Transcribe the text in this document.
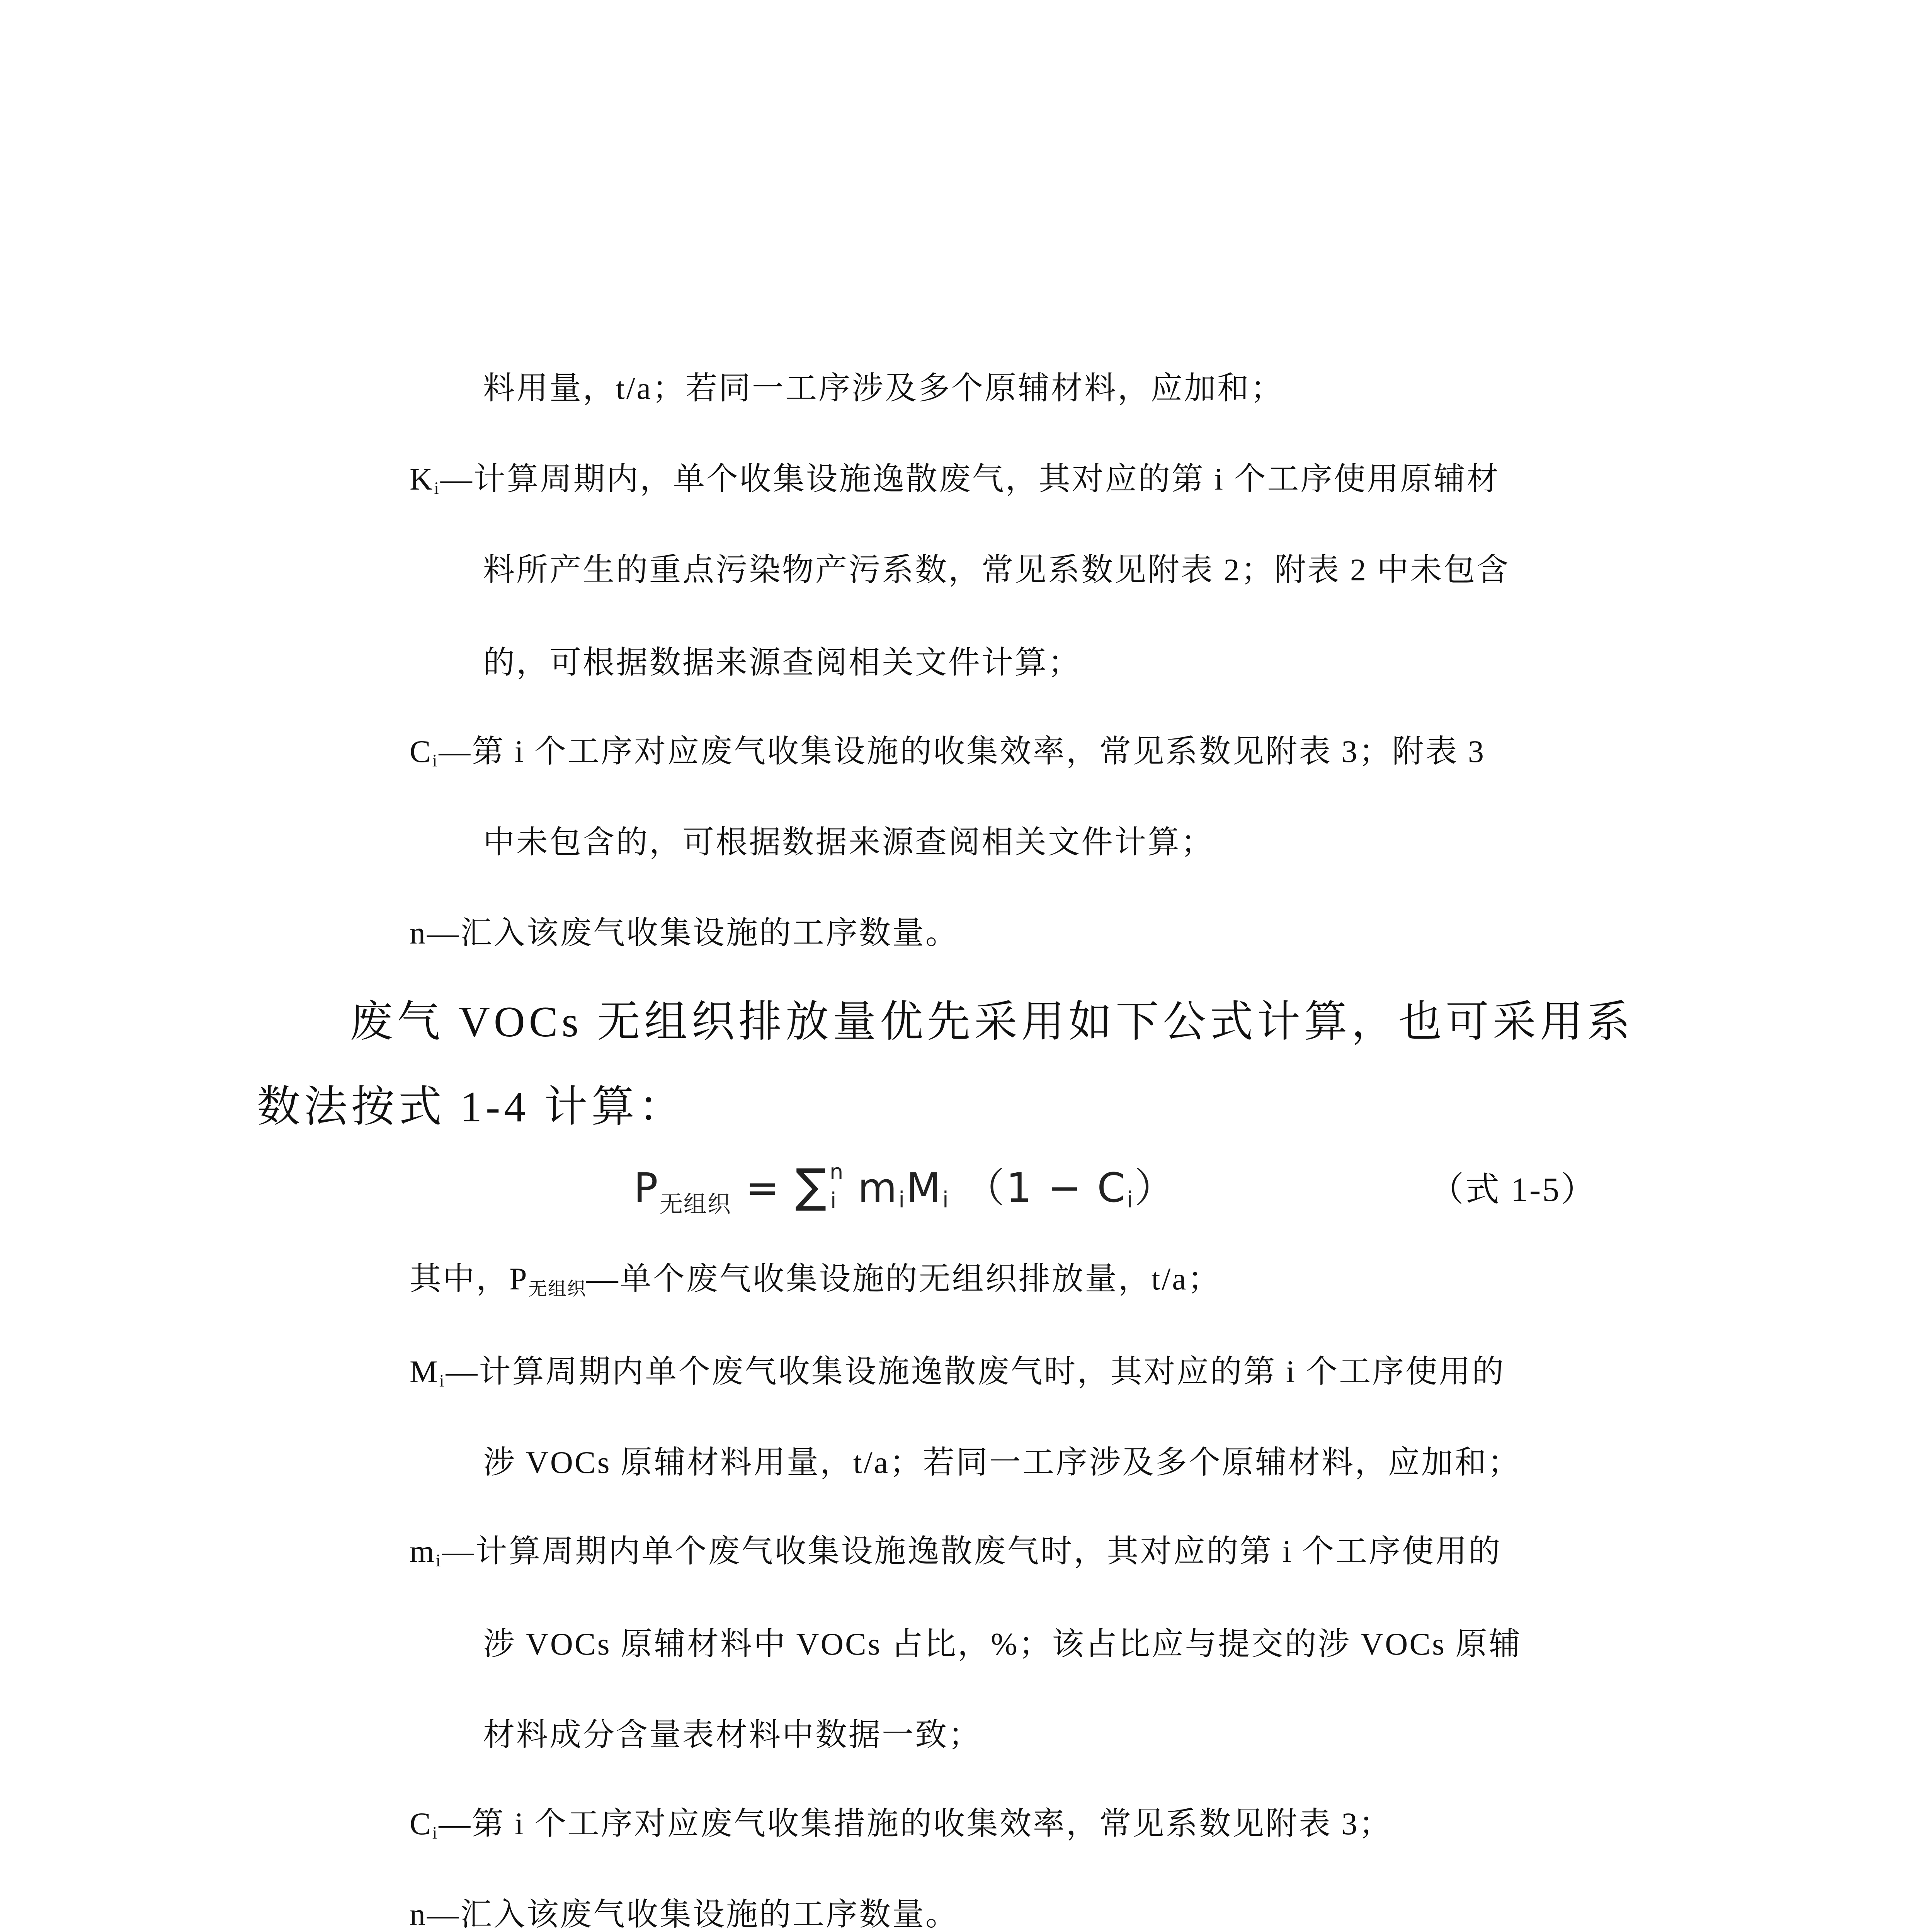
料用量，t/a；若同一工序涉及多个原辅材料，应加和；
$K_i—$计算周期内，单个收集设施逸散废气，其对应的第 i 个工序使用原辅材
料所产生的重点污染物产污系数，常见系数见附表 2；附表 2 中未包含
的，可根据数据来源查阅相关文件计算；
$C_i—$第 i 个工序对应废气收集设施的收集效率，常见系数见附表 3；附表 3
中未包含的，可根据数据来源查阅相关文件计算；
n—汇入该废气收集设施的工序数量。
废气 VOCs 无组织排放量优先采用如下公式计算，也可采用系
数法按式 1-4 计算：
$P_{无组织}$ = ∑ n
i $m_iM_i$ $(1 - C_i)$	（式 1-5）
其中，P无组织—单个废气收集设施的无组织排放量，t/a；
$M_i—$计算周期内单个废气收集设施逸散废气时，其对应的第 i 个工序使用的
涉 VOCs 原辅材料用量，t/a；若同一工序涉及多个原辅材料，应加和；
$m_i—$计算周期内单个废气收集设施逸散废气时，其对应的第 i 个工序使用的
涉 VOCs 原辅材料中 VOCs 占比，%；该占比应与提交的涉 VOCs 原辅
材料成分含量表材料中数据一致；
$C_i—$第 i 个工序对应废气收集措施的收集效率，常见系数见附表 3；
n—汇入该废气收集设施的工序数量。
